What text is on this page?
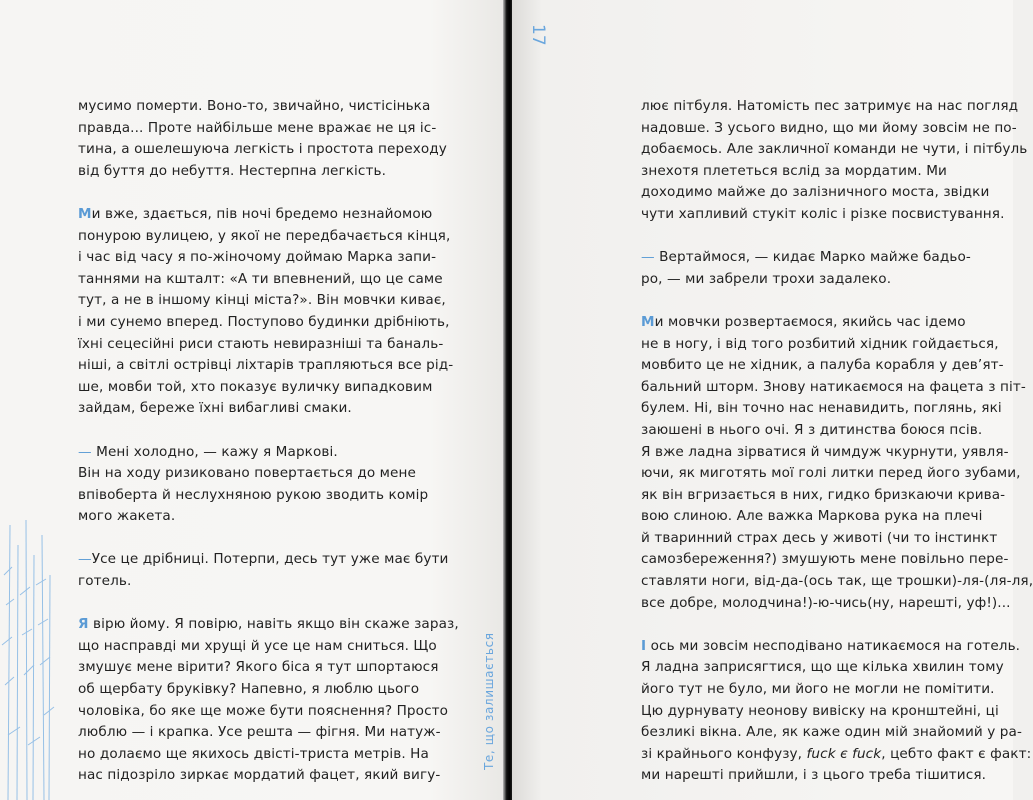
мусимо померти. Воно-то, звичайно, чистісінька
правда... Проте найбільше мене вражає не ця іс-
тина, а ошелешуюча легкість і простота переходу
від буття до небуття. Нестерпна легкість.
Ми вже, здається, пів ночі бредемо незнайомою
понурою вулицею, у якої не передбачається кінця,
і час від часу я по-жіночому доймаю Марка запи-
таннями на кшталт: «А ти впевнений, що це саме
тут, а не в іншому кінці міста?». Він мовчки киває,
і ми сунемо вперед. Поступово будинки дрібніють,
їхні сецесійні риси стають невиразніші та баналь-
ніші, а світлі острівці ліхтарів трапляються все рід-
ше, мовби той, хто показує вуличку випадковим
зайдам, береже їхні вибагливі смаки.
— Мені холодно, — кажу я Маркові.
Він на ходу ризиковано повертається до мене
впівоберта й неслухняною рукою зводить комір
мого жакета.
—Усе це дрібниці. Потерпи, десь тут уже має бути
готель.
Я вірю йому. Я повірю, навіть якщо він скаже зараз,
що насправді ми хрущі й усе це нам сниться. Що
змушує мене вірити? Якого біса я тут шпортаюся
об щербату бруківку? Напевно, я люблю цього
чоловіка, бо яке ще може бути пояснення? Просто
люблю — і крапка. Усе решта — фігня. Ми натуж-
но долаємо ще якихось двісті-триста метрів. На
нас підозріло зиркає мордатий фацет, який вигу-
лює пітбуля. Натомість пес затримує на нас погляд
надовше. З усього видно, що ми йому зовсім не по-
добаємось. Але закличної команди не чути, і пітбуль
знехотя плететься вслід за мордатим. Ми
доходимо майже до залізничного моста, звідки
чути хапливий стукіт коліс і різке посвистування.
— Вертаймося, — кидає Марко майже бадьо-
ро, — ми забрели трохи задалеко.
Ми мовчки розвертаємося, якийсь час ідемо
не в ногу, і від того розбитий хідник гойдається,
мовбито це не хідник, а палуба корабля у дев’ят-
бальний шторм. Знову натикаємося на фацета з піт-
булем. Ні, він точно нас ненавидить, поглянь, які
заюшені в нього очі. Я з дитинства боюся псів.
Я вже ладна зірватися й чимдуж чкурнути, уявля-
ючи, як миготять мої голі литки перед його зубами,
як він вгризається в них, гидко бризкаючи крива-
вою слиною. Але важка Маркова рука на плечі
й тваринний страх десь у животі (чи то інстинкт
самозбереження?) змушують мене повільно пере-
ставляти ноги, від-да-(ось так, ще трошки)-ля-(ля-ля,
все добре, молодчина!)-ю-чись(ну, нарешті, уф!)...
І ось ми зовсім несподівано натикаємося на готель.
Я ладна заприсягтися, що ще кілька хвилин тому
його тут не було, ми його не могли не помітити.
Цю дурнувату неонову вивіску на кронштейні, ці
безликі вікна. Але, як каже один мій знайомий у ра-
зі крайнього конфузу, fuck є fuck, цебто факт є факт:
ми нарешті прийшли, і з цього треба тішитися.
17
Те, що залишається
